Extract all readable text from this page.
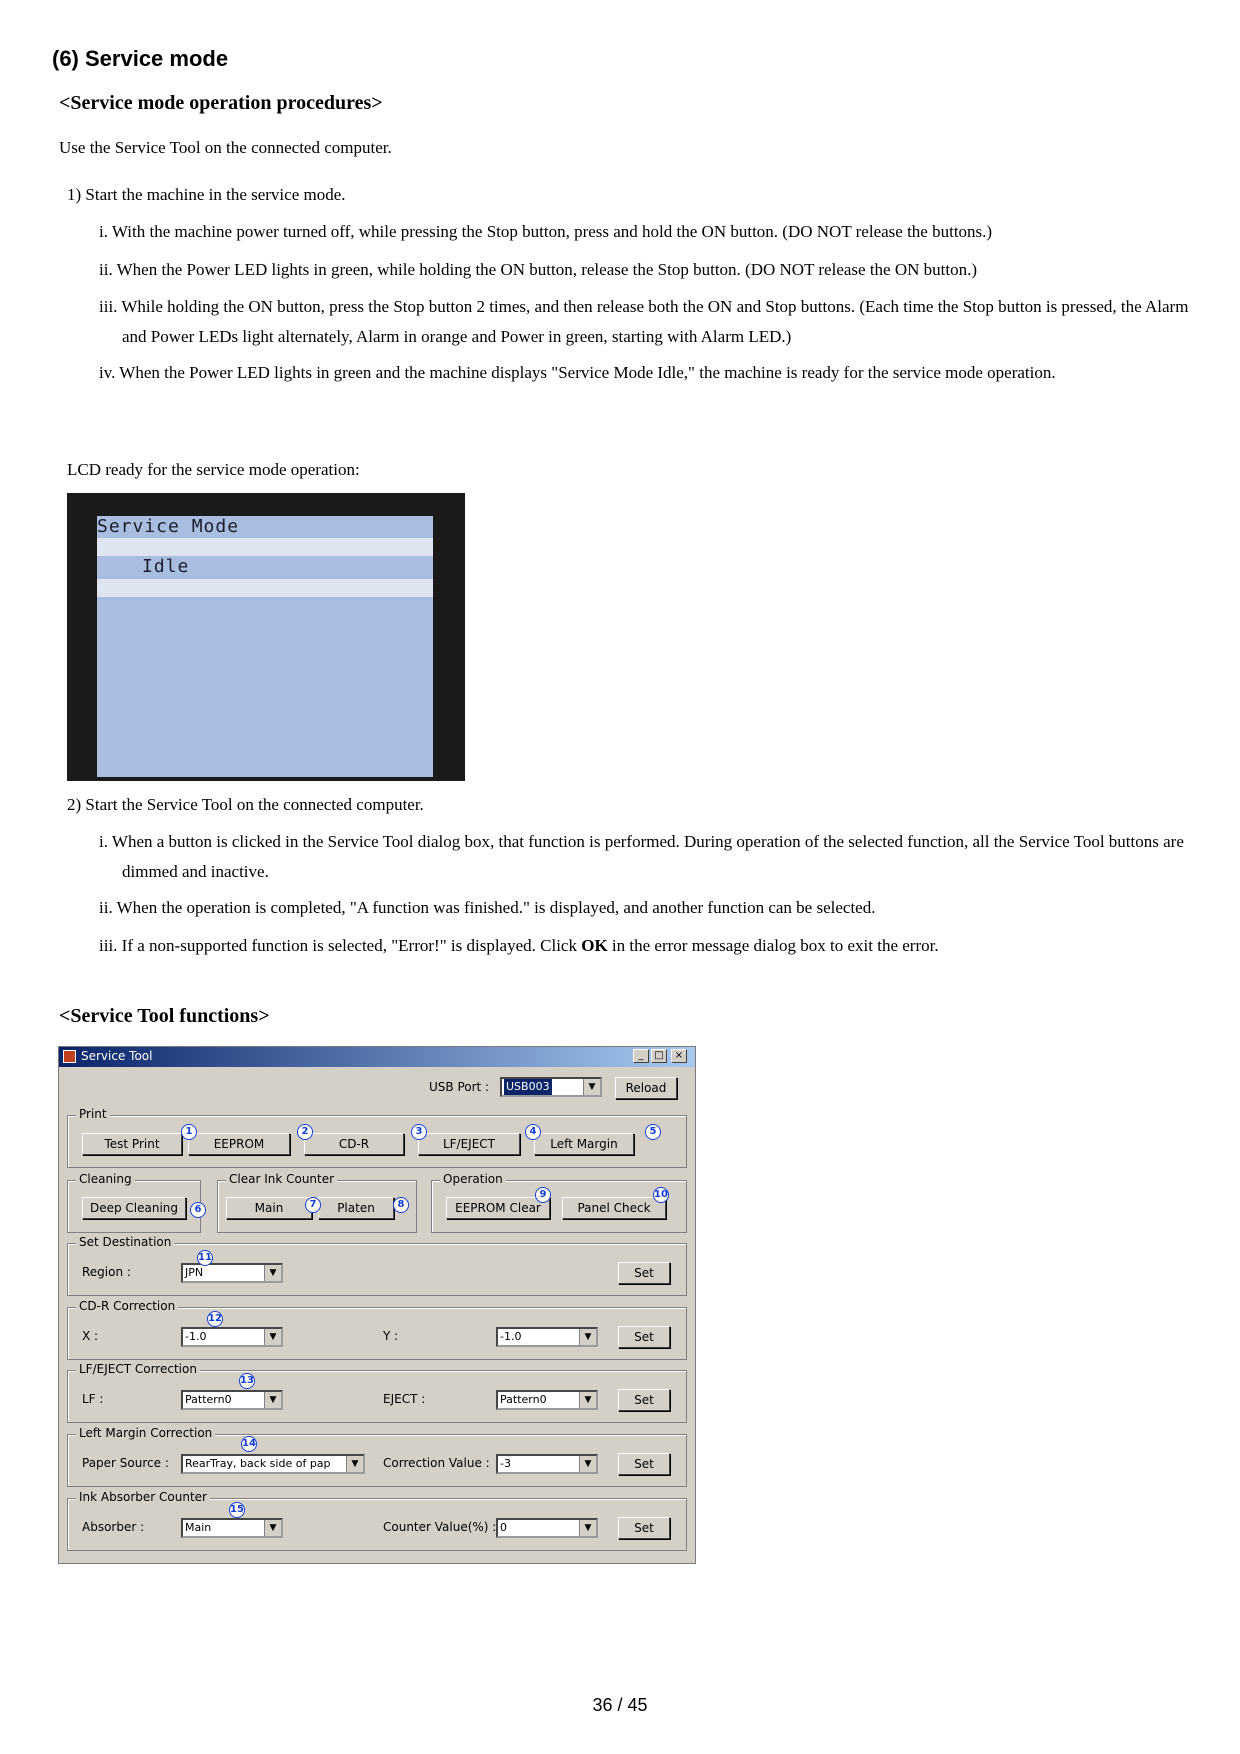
(6) Service mode
<Service mode operation procedures>
Use the Service Tool on the connected computer.
1) Start the machine in the service mode.
i. With the machine power turned off, while pressing the Stop button, press and hold the ON button. (DO NOT release the buttons.)
ii. When the Power LED lights in green, while holding the ON button, release the Stop button. (DO NOT release the ON button.)
iii. While holding the ON button, press the Stop button 2 times, and then release both the ON and Stop buttons. (Each time the Stop button is pressed, the Alarm and Power LEDs light alternately, Alarm in orange and Power in green, starting with Alarm LED.)
iv. When the Power LED lights in green and the machine displays "Service Mode Idle," the machine is ready for the service mode operation.
LCD ready for the service mode operation:
Service Mode
Idle
2) Start the Service Tool on the connected computer.
i. When a button is clicked in the Service Tool dialog box, that function is performed. During operation of the selected function, all the Service Tool buttons are dimmed and inactive.
ii. When the operation is completed, "A function was finished." is displayed, and another function can be selected.
iii. If a non-supported function is selected, "Error!" is displayed. Click OK in the error message dialog box to exit the error.
<Service Tool functions>
Service Tool	_	□	×
USB Port :	USB003	▼	Reload
Print
Test Print	EEPROM	CD-R	LF/EJECT	Left Margin
Cleaning
Deep Cleaning
Clear Ink Counter
Main	Platen
Operation
EEPROM Clear	Panel Check
Set Destination
Region :	JPN	▼	Set
CD-R Correction
X :	-1.0	▼	Y :	-1.0	▼	Set
LF/EJECT Correction
LF :	Pattern0	▼	EJECT :	Pattern0	▼	Set
Left Margin Correction
Paper Source :	RearTray, back side of pap	▼	Correction Value : -3	▼	Set
Ink Absorber Counter
Absorber :	Main	▼	Counter Value(%) : 0	▼	Set
1	2	3	4	5
6	7	8
9	10
11
12
13
14
15
36 / 45
